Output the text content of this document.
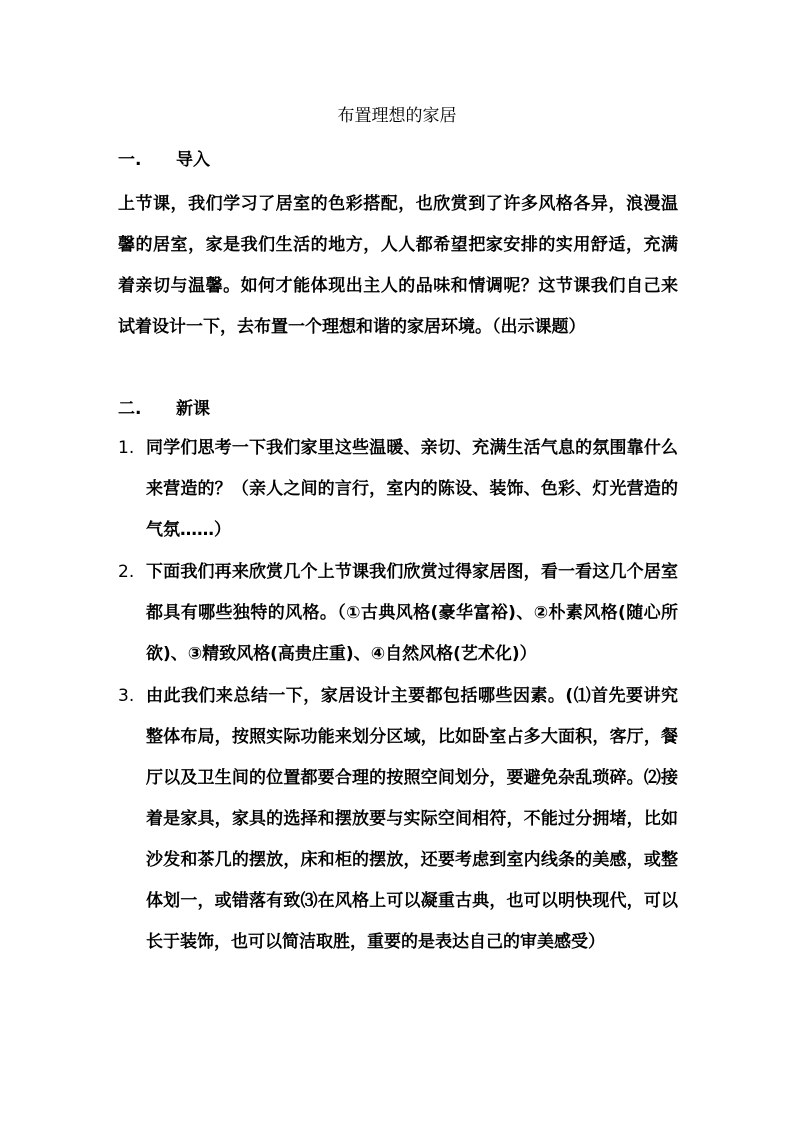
布置理想的家居
一. 导入

上节课，我们学习了居室的色彩搭配，也欣赏到了许多风格各异，浪漫温馨的居室，家是我们生活的地方，人人都希望把家安排的实用舒适，充满着亲切与温馨。如何才能体现出主人的品味和情调呢？这节课我们自己来试着设计一下，去布置一个理想和谐的家居环境。（出示课题）

二. 新课
1. 同学们思考一下我们家里这些温暖、亲切、充满生活气息的氛围靠什么来营造的？（亲人之间的言行，室内的陈设、装饰、色彩、灯光营造的气氛……）
2. 下面我们再来欣赏几个上节课我们欣赏过得家居图，看一看这几个居室都具有哪些独特的风格。（①古典风格(豪华富裕)、②朴素风格(随心所欲)、③精致风格(高贵庄重)、④自然风格(艺术化)）
3. 由此我们来总结一下，家居设计主要都包括哪些因素。(⑴首先要讲究整体布局，按照实际功能来划分区域，比如卧室占多大面积，客厅，餐厅以及卫生间的位置都要合理的按照空间划分，要避免杂乱琐碎。⑵接着是家具，家具的选择和摆放要与实际空间相符，不能过分拥堵，比如沙发和茶几的摆放，床和柜的摆放，还要考虑到室内线条的美感，或整体划一，或错落有致⑶在风格上可以凝重古典，也可以明快现代，可以长于装饰，也可以简洁取胜，重要的是表达自己的审美感受）
